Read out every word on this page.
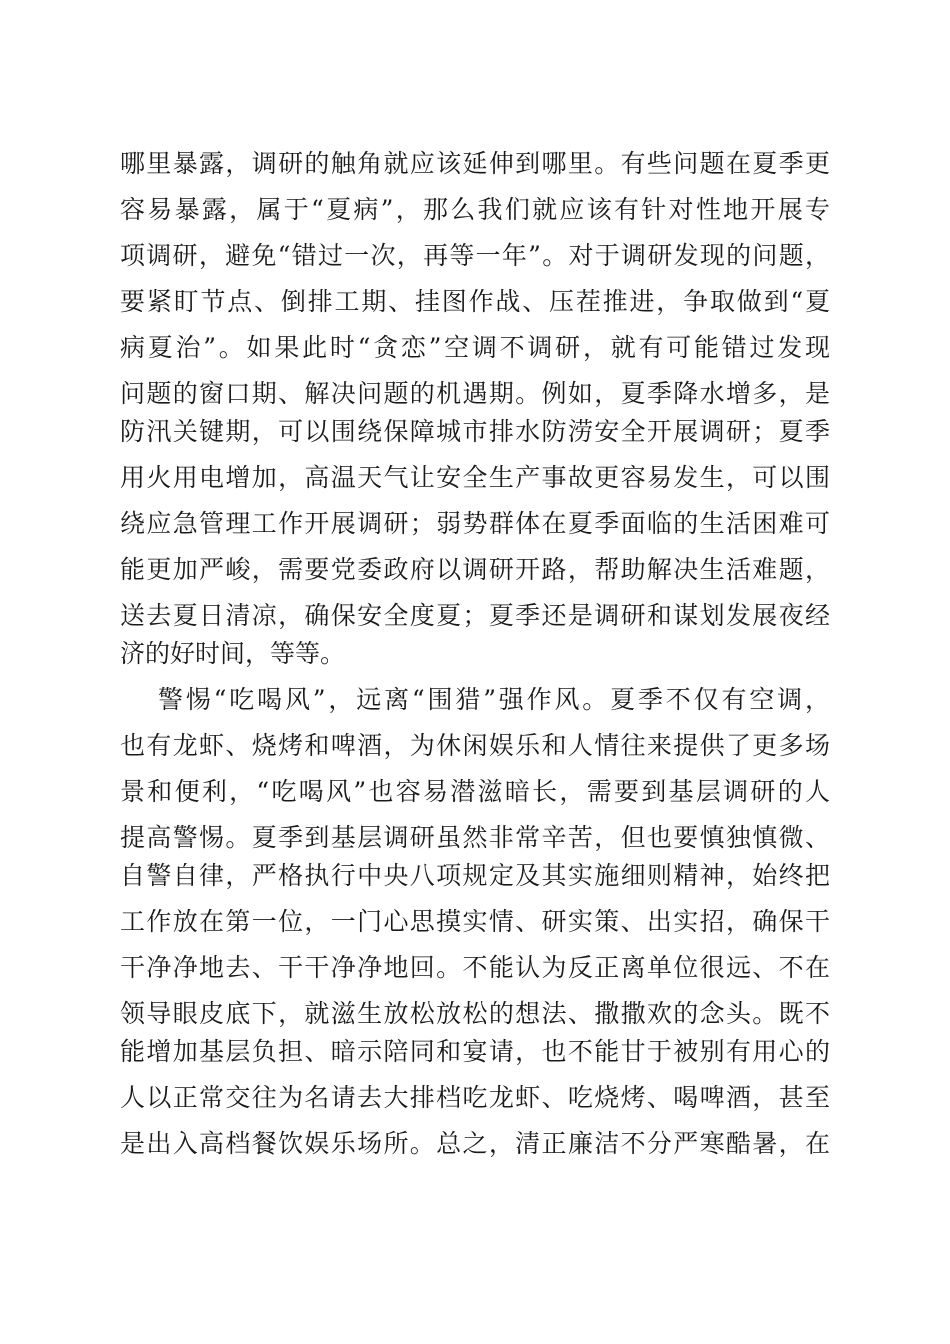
哪里暴露，调研的触角就应该延伸到哪里。有些问题在夏季更
容易暴露，属于“夏病”，那么我们就应该有针对性地开展专
项调研，避免“错过一次，再等一年”。对于调研发现的问题，
要紧盯节点、倒排工期、挂图作战、压茬推进，争取做到“夏
病夏治”。如果此时“贪恋”空调不调研，就有可能错过发现
问题的窗口期、解决问题的机遇期。例如，夏季降水增多，是
防汛关键期，可以围绕保障城市排水防涝安全开展调研；夏季
用火用电增加，高温天气让安全生产事故更容易发生，可以围
绕应急管理工作开展调研；弱势群体在夏季面临的生活困难可
能更加严峻，需要党委政府以调研开路，帮助解决生活难题，
送去夏日清凉，确保安全度夏；夏季还是调研和谋划发展夜经
济的好时间，等等。
警惕“吃喝风”，远离“围猎”强作风。夏季不仅有空调，
也有龙虾、烧烤和啤酒，为休闲娱乐和人情往来提供了更多场
景和便利，“吃喝风”也容易潜滋暗长，需要到基层调研的人
提高警惕。夏季到基层调研虽然非常辛苦，但也要慎独慎微、
自警自律，严格执行中央八项规定及其实施细则精神，始终把
工作放在第一位，一门心思摸实情、研实策、出实招，确保干
干净净地去、干干净净地回。不能认为反正离单位很远、不在
领导眼皮底下，就滋生放松放松的想法、撒撒欢的念头。既不
能增加基层负担、暗示陪同和宴请，也不能甘于被别有用心的
人以正常交往为名请去大排档吃龙虾、吃烧烤、喝啤酒，甚至
是出入高档餐饮娱乐场所。总之，清正廉洁不分严寒酷暑，在
